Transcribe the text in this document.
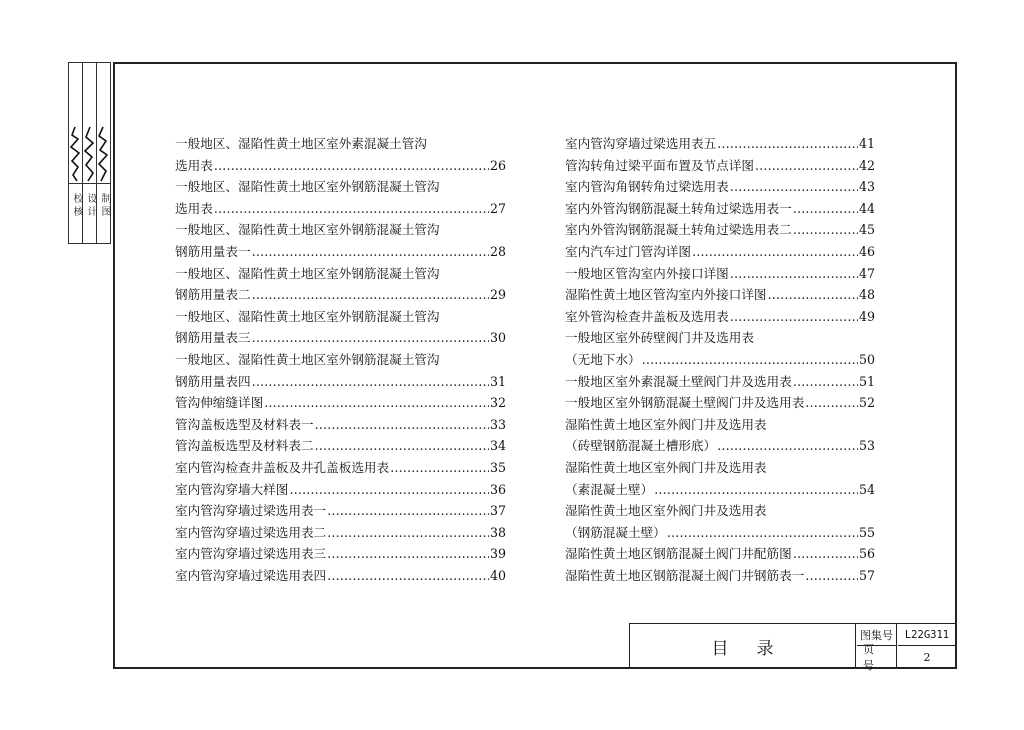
校 核 设 计 制 图
一般地区、湿陷性黄土地区室外素混凝土管沟
选用表 …………………………………………………………………………………………………………	26
一般地区、湿陷性黄土地区室外钢筋混凝土管沟
选用表 …………………………………………………………………………………………………………	27
一般地区、湿陷性黄土地区室外钢筋混凝土管沟
钢筋用量表一 …………………………………………………………………………………………………………	28
一般地区、湿陷性黄土地区室外钢筋混凝土管沟
钢筋用量表二 …………………………………………………………………………………………………………	29
一般地区、湿陷性黄土地区室外钢筋混凝土管沟
钢筋用量表三 …………………………………………………………………………………………………………	30
一般地区、湿陷性黄土地区室外钢筋混凝土管沟
钢筋用量表四 …………………………………………………………………………………………………………	31
管沟伸缩缝详图 …………………………………………………………………………………………………………	32
管沟盖板选型及材料表一 …………………………………………………………………………………………………………	33
管沟盖板选型及材料表二 …………………………………………………………………………………………………………	34
室内管沟检查井盖板及井孔盖板选用表 …………………………………………………………………………………………………………	35
室内管沟穿墙大样图 …………………………………………………………………………………………………………	36
室内管沟穿墙过梁选用表一 …………………………………………………………………………………………………………	37
室内管沟穿墙过梁选用表二 …………………………………………………………………………………………………………	38
室内管沟穿墙过梁选用表三 …………………………………………………………………………………………………………	39
室内管沟穿墙过梁选用表四 …………………………………………………………………………………………………………	40
室内管沟穿墙过梁选用表五 …………………………………………………………………………………………………………	41
管沟转角过梁平面布置及节点详图 …………………………………………………………………………………………………………	42
室内管沟角钢转角过梁选用表 …………………………………………………………………………………………………………	43
室内外管沟钢筋混凝土转角过梁选用表一 …………………………………………………………………………………………………………	44
室内外管沟钢筋混凝土转角过梁选用表二 …………………………………………………………………………………………………………	45
室内汽车过门管沟详图 …………………………………………………………………………………………………………	46
一般地区管沟室内外接口详图 …………………………………………………………………………………………………………	47
湿陷性黄土地区管沟室内外接口详图 …………………………………………………………………………………………………………	48
室外管沟检查井盖板及选用表 …………………………………………………………………………………………………………	49
一般地区室外砖壁阀门井及选用表
（无地下水） …………………………………………………………………………………………………………	50
一般地区室外素混凝土壁阀门井及选用表 …………………………………………………………………………………………………………	51
一般地区室外钢筋混凝土壁阀门井及选用表 …………………………………………………………………………………………………………	52
湿陷性黄土地区室外阀门井及选用表
（砖壁钢筋混凝土槽形底） …………………………………………………………………………………………………………	53
湿陷性黄土地区室外阀门井及选用表
（素混凝土壁） …………………………………………………………………………………………………………	54
湿陷性黄土地区室外阀门井及选用表
（钢筋混凝土壁） …………………………………………………………………………………………………………	55
湿陷性黄土地区钢筋混凝土阀门井配筋图 …………………………………………………………………………………………………………	56
湿陷性黄土地区钢筋混凝土阀门井钢筋表一 …………………………………………………………………………………………………………	57
目录
图集号	L22G311
页号
2
